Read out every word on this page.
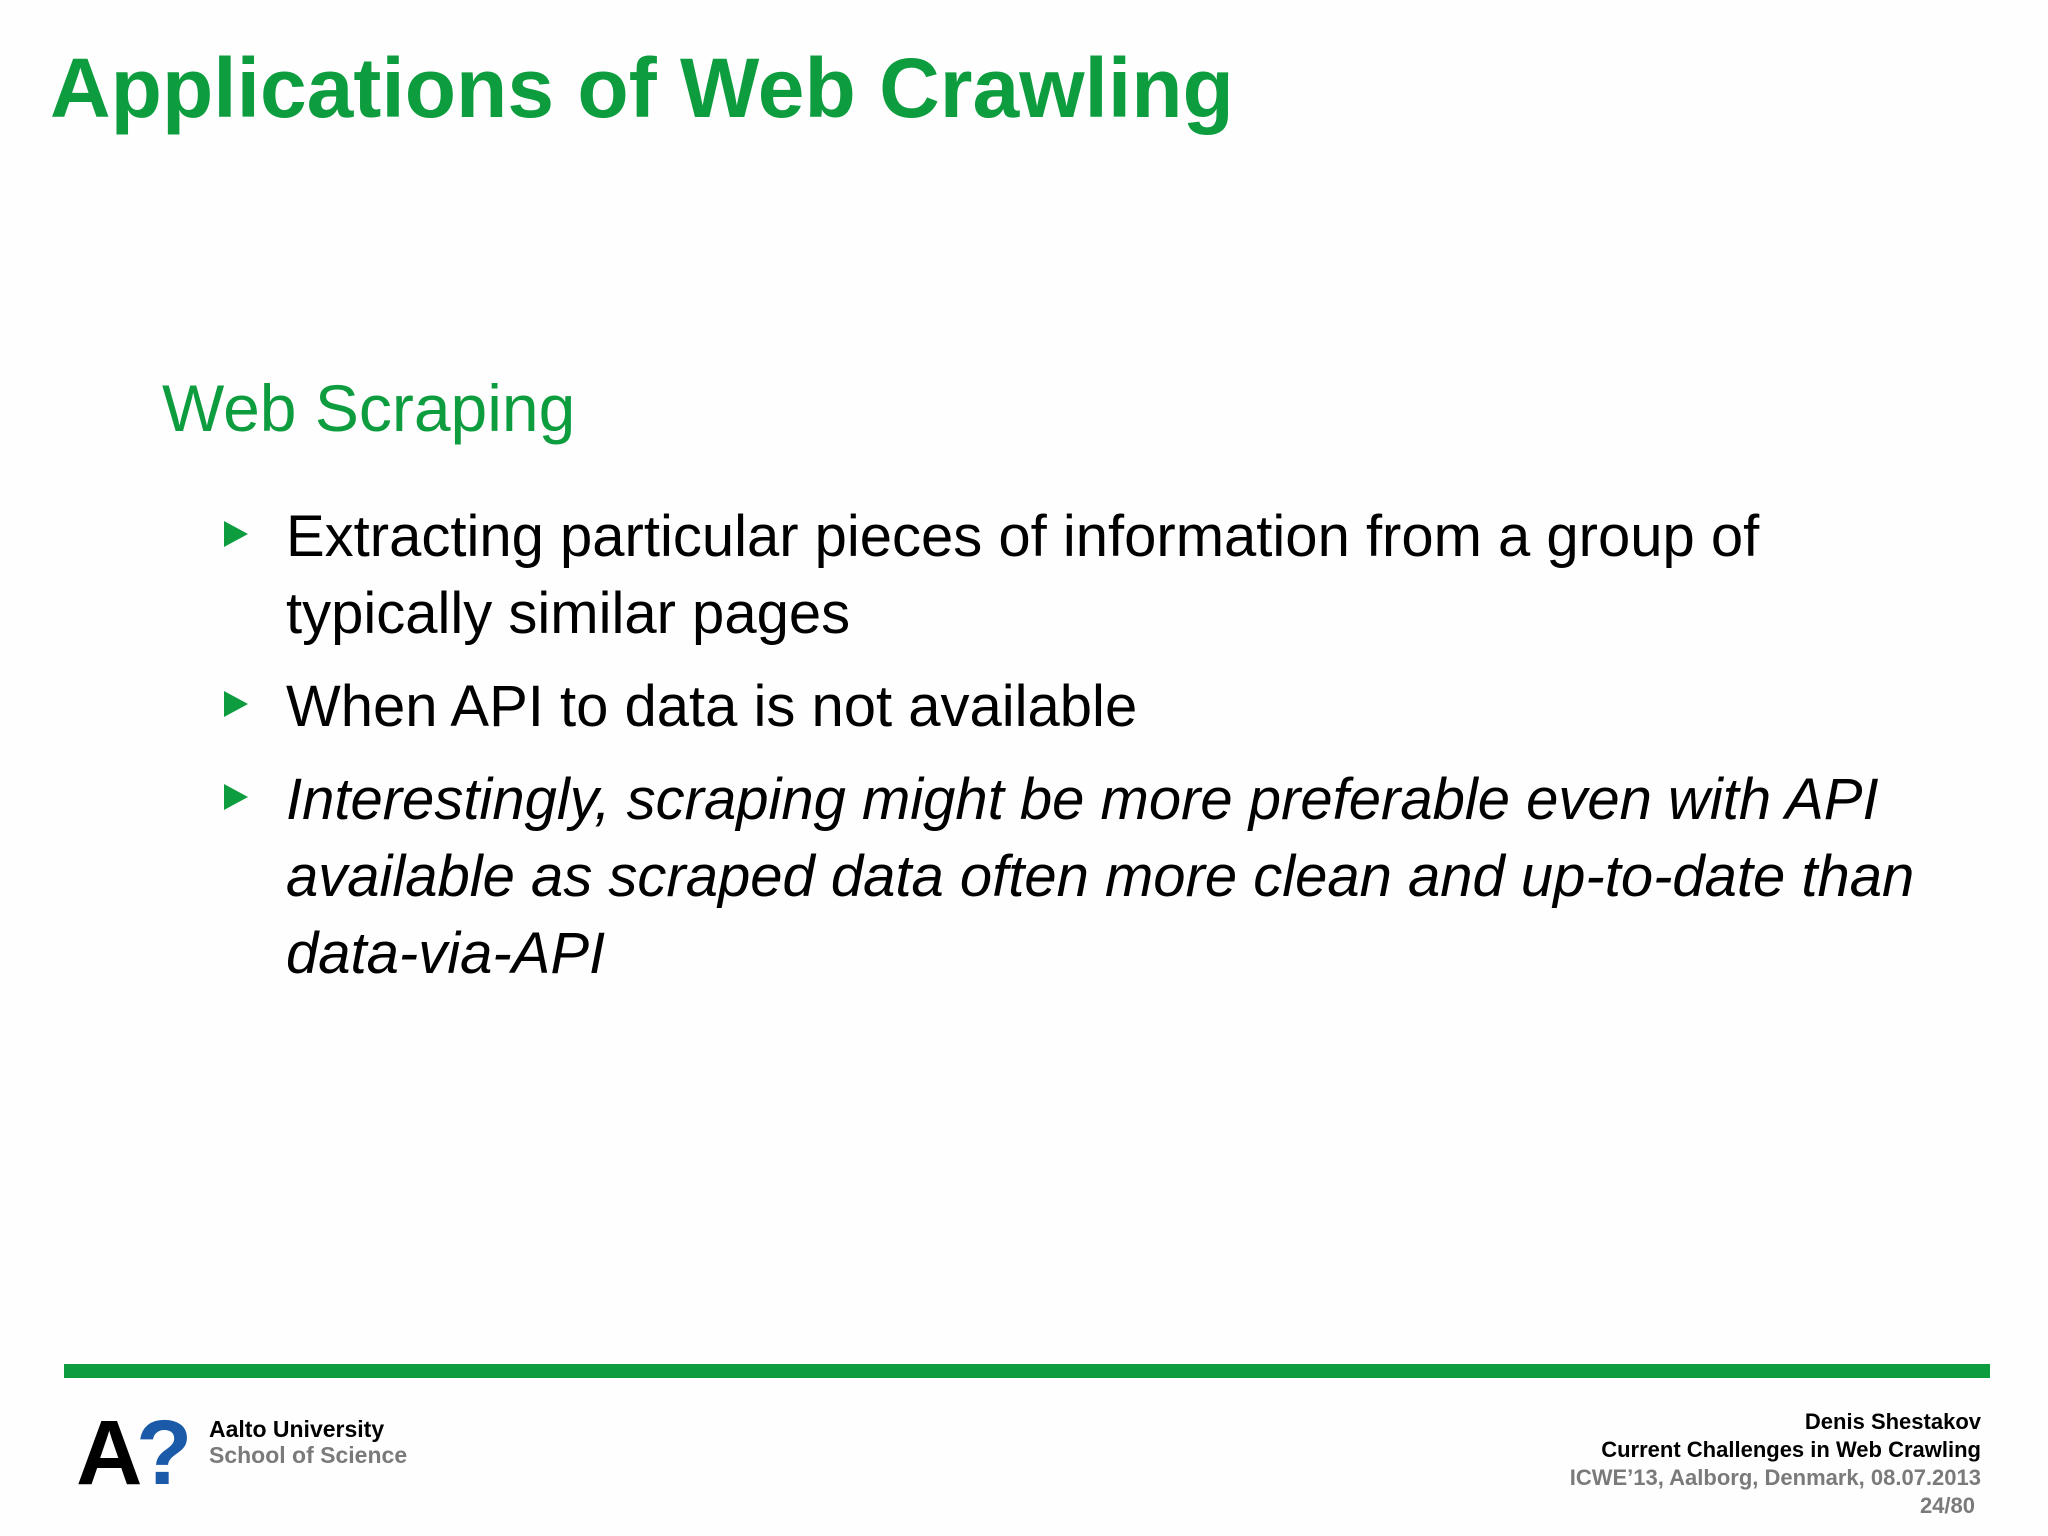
Applications of Web Crawling
Web Scraping
Extracting particular pieces of information from a group of typically similar pages
When API to data is not available
Interestingly, scraping might be more preferable even with API available as scraped data often more clean and up-to-date than data-via-API
A
? Aalto University
School of Science
Denis Shestakov
Current Challenges in Web Crawling
ICWE’13, Aalborg, Denmark, 08.07.2013
24/80
